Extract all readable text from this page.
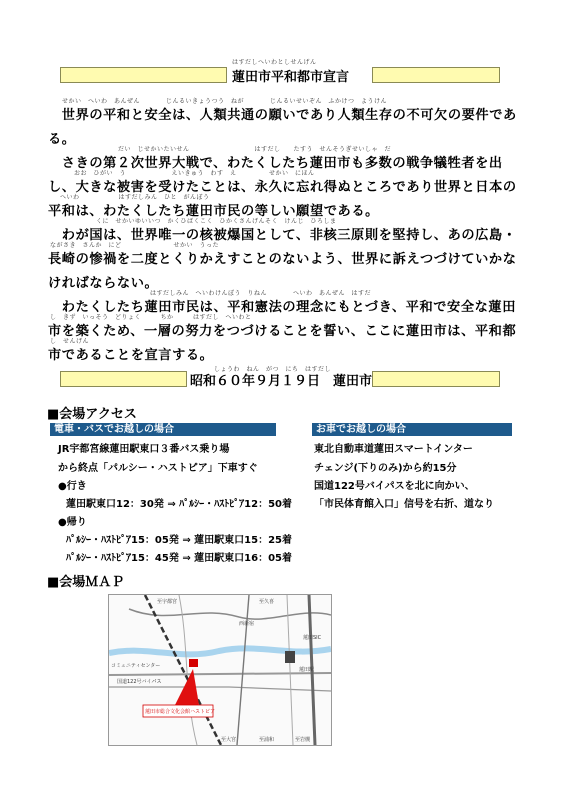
はすだしへいわとしせんげん
蓮田市平和都市宣言
せかい　へいわ　あんぜん　　　　じんるいきょうつう　ねが　　　　じんるいせいぞん　ふかけつ　ようけん
　世界の平和と安全は、人類共通の願いであり人類生存の不可欠の要件であ
る。
だい　じせかいたいせん　　　　　　　　　　はすだし　　たすう　せんそうぎせいしゃ　だ
　さきの第２次世界大戦で、わたくしたち蓮田市も多数の戦争犠牲者を出
おお　ひがい　う　　　　　　　えいきゅう　わす　え　　　　　せかい　にほん
し、大きな被害を受けたことは、永久に忘れ得ぬところであり世界と日本の
へいわ　　　　　　はすだしみん　ひと　がんぼう
平和は、わたくしたち蓮田市民の等しい願望である。
くに　せかいゆいいつ　かくひばくこく　ひかくさんげんそく　けんじ　ひろしま
　わが国は、世界唯一の核被爆国として、非核三原則を堅持し、あの広島・
ながさき　さんか　にど　　　　　　　　せかい　うった
長崎の惨禍を二度とくりかえすことのないよう、世界に訴えつづけていかな
ければならない。
はすだしみん　へいわけんぽう　りねん　　　　へいわ　あんぜん　はすだ
　わたくしたち蓮田市民は、平和憲法の理念にもとづき、平和で安全な蓮田
し　きず　いっそう　どりょく　　　ちか　　　はすだし　へいわと
市を築くため、一層の努力をつづけることを誓い、ここに蓮田市は、平和都
し　せんげん
市であることを宣言する。
しょうわ　ねん　がつ　にち　はすだし
昭和６０年９月１９日　蓮田市
■会場アクセス
電車・バスでお越しの場合	お車でお越しの場合
JR宇都宮線蓮田駅東口３番バス乗り場
から終点「パルシー・ハストピア」下車すぐ
●行き
蓮田駅東口12：30発 ⇒ ﾊﾟﾙｼｰ・ﾊｽﾄﾋﾟｱ12：50着
●帰り
ﾊﾟﾙｼｰ・ﾊｽﾄﾋﾟｱ15：05発 ⇒ 蓮田駅東口15：25着
ﾊﾟﾙｼｰ・ﾊｽﾄﾋﾟｱ15：45発 ⇒ 蓮田駅東口16：05着
東北自動車道蓮田スマートインター
チェンジ(下りのみ)から約15分
国道122号バイパスを北に向かい、
「市民体育館入口」信号を右折、道なり
■会場ＭＡＰ
至宇都宮	至久喜
蓮田SIC
西新宿
コミュニティセンター
蓮田市総合文化会館ハストピア
国道122号バイパス
蓮田駅
至大宮	至浦和	至岩槻
